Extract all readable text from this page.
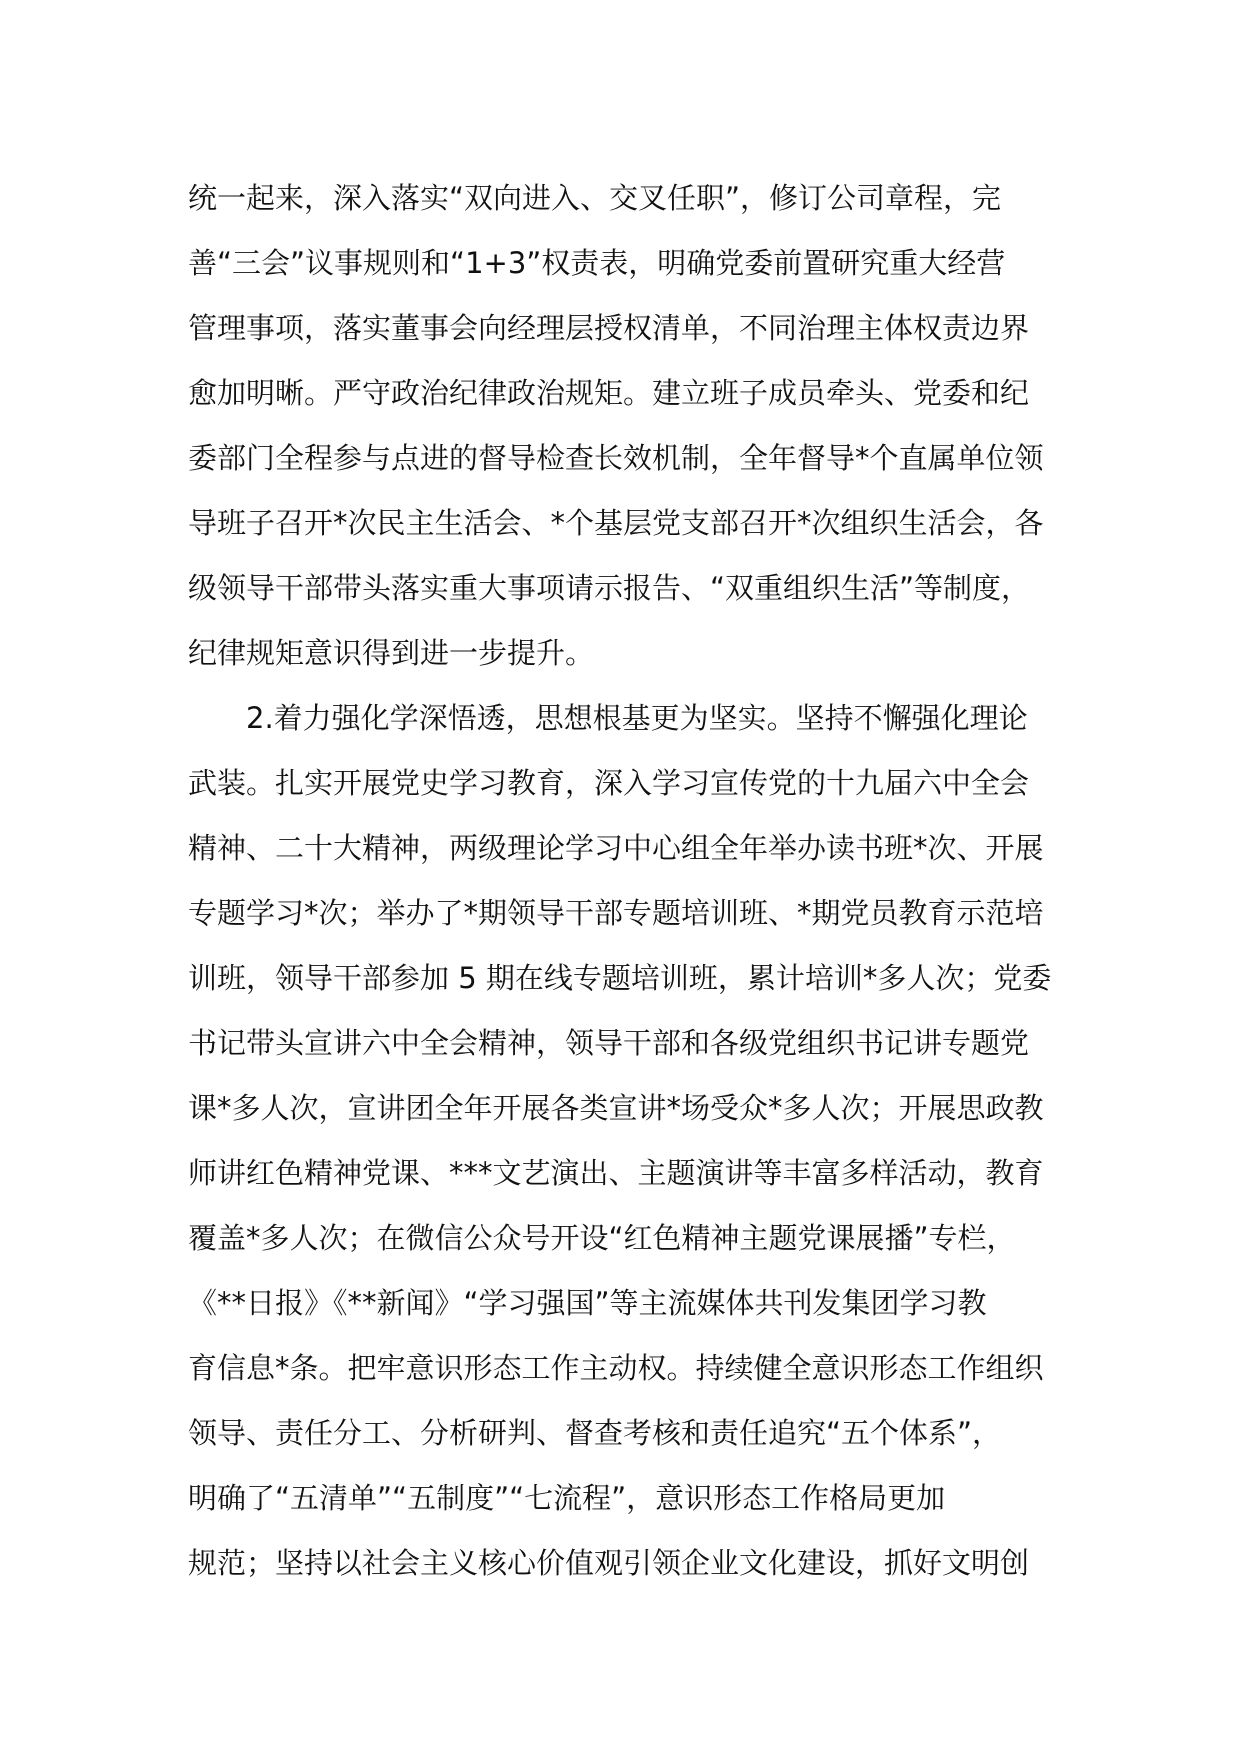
统一起来，深入落实“双向进入、交叉任职”，修订公司章程，完
善“三会”议事规则和“1+3”权责表，明确党委前置研究重大经营
管理事项，落实董事会向经理层授权清单，不同治理主体权责边界
愈加明晰。严守政治纪律政治规矩。建立班子成员牵头、党委和纪
委部门全程参与点进的督导检查长效机制，全年督导*个直属单位领
导班子召开*次民主生活会、*个基层党支部召开*次组织生活会，各
级领导干部带头落实重大事项请示报告、“双重组织生活”等制度，
纪律规矩意识得到进一步提升。
2.着力强化学深悟透，思想根基更为坚实。坚持不懈强化理论
武装。扎实开展党史学习教育，深入学习宣传党的十九届六中全会
精神、二十大精神，两级理论学习中心组全年举办读书班*次、开展
专题学习*次；举办了*期领导干部专题培训班、*期党员教育示范培
训班，领导干部参加 5 期在线专题培训班，累计培训*多人次；党委
书记带头宣讲六中全会精神，领导干部和各级党组织书记讲专题党
课*多人次，宣讲团全年开展各类宣讲*场受众*多人次；开展思政教
师讲红色精神党课、***文艺演出、主题演讲等丰富多样活动，教育
覆盖*多人次；在微信公众号开设“红色精神主题党课展播”专栏，
《**日报》《**新闻》“学习强国”等主流媒体共刊发集团学习教
育信息*条。把牢意识形态工作主动权。持续健全意识形态工作组织
领导、责任分工、分析研判、督查考核和责任追究“五个体系”，
明确了“五清单”“五制度”“七流程”，意识形态工作格局更加
规范；坚持以社会主义核心价值观引领企业文化建设，抓好文明创
